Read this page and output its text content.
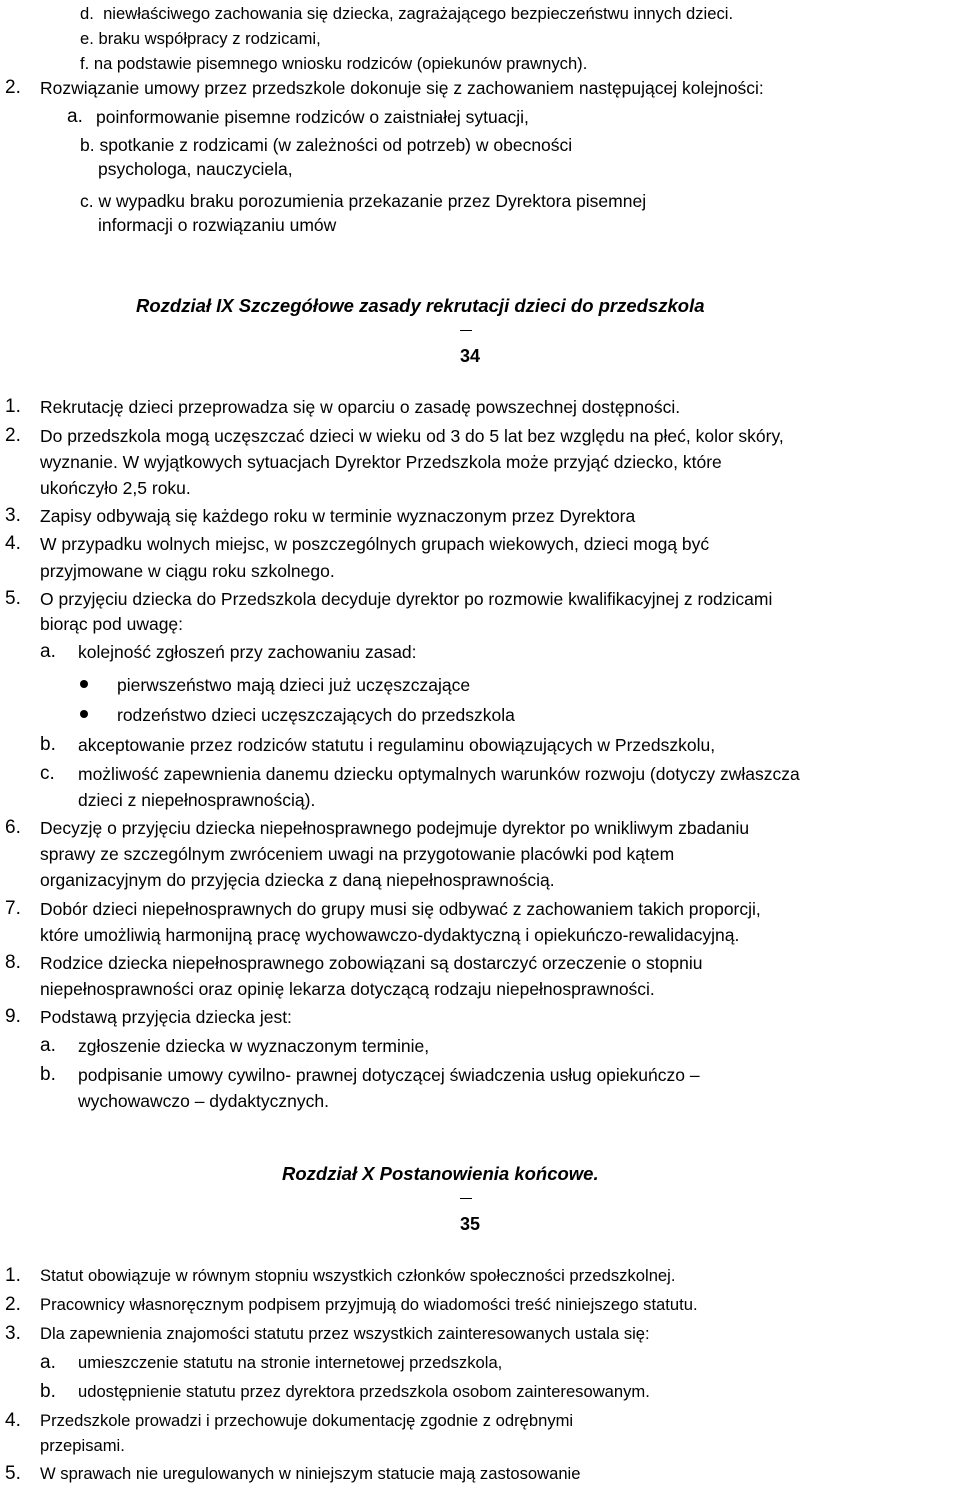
d. niewłaściwego zachowania się dziecka, zagrażającego bezpieczeństwu innych dzieci.
e. braku współpracy z rodzicami,
f. na podstawie pisemnego wniosku rodziców (opiekunów prawnych).
2. Rozwiązanie umowy przez przedszkole dokonuje się z zachowaniem następującej kolejności:
a. poinformowanie pisemne rodziców o zaistniałej sytuacji,
b. spotkanie z rodzicami (w zależności od potrzeb) w obecności
psychologa, nauczyciela,
c. w wypadku braku porozumienia przekazanie przez Dyrektora pisemnej
informacji o rozwiązaniu umów
Rozdział IX Szczegółowe zasady rekrutacji dzieci do przedszkola
34
1. Rekrutację dzieci przeprowadza się w oparciu o zasadę powszechnej dostępności.
2. Do przedszkola mogą uczęszczać dzieci w wieku od 3 do 5 lat bez względu na płeć, kolor skóry,
wyznanie. W wyjątkowych sytuacjach Dyrektor Przedszkola może przyjąć dziecko, które
ukończyło 2,5 roku.
3. Zapisy odbywają się każdego roku w terminie wyznaczonym przez Dyrektora
4. W przypadku wolnych miejsc, w poszczególnych grupach wiekowych, dzieci mogą być
przyjmowane w ciągu roku szkolnego.
5. O przyjęciu dziecka do Przedszkola decyduje dyrektor po rozmowie kwalifikacyjnej z rodzicami
biorąc pod uwagę:
a. kolejność zgłoszeń przy zachowaniu zasad:
pierwszeństwo mają dzieci już uczęszczające
rodzeństwo dzieci uczęszczających do przedszkola
b. akceptowanie przez rodziców statutu i regulaminu obowiązujących w Przedszkolu,
c. możliwość zapewnienia danemu dziecku optymalnych warunków rozwoju (dotyczy zwłaszcza
dzieci z niepełnosprawnością).
6. Decyzję o przyjęciu dziecka niepełnosprawnego podejmuje dyrektor po wnikliwym zbadaniu
sprawy ze szczególnym zwróceniem uwagi na przygotowanie placówki pod kątem
organizacyjnym do przyjęcia dziecka z daną niepełnosprawnością.
7. Dobór dzieci niepełnosprawnych do grupy musi się odbywać z zachowaniem takich proporcji,
które umożliwią harmonijną pracę wychowawczo-dydaktyczną i opiekuńczo-rewalidacyjną.
8. Rodzice dziecka niepełnosprawnego zobowiązani są dostarczyć orzeczenie o stopniu
niepełnosprawności oraz opinię lekarza dotyczącą rodzaju niepełnosprawności.
9. Podstawą przyjęcia dziecka jest:
a. zgłoszenie dziecka w wyznaczonym terminie,
b. podpisanie umowy cywilno- prawnej dotyczącej świadczenia usług opiekuńczo –
wychowawczo – dydaktycznych.
Rozdział X Postanowienia końcowe.
35
1. Statut obowiązuje w równym stopniu wszystkich członków społeczności przedszkolnej.
2. Pracownicy własnoręcznym podpisem przyjmują do wiadomości treść niniejszego statutu.
3. Dla zapewnienia znajomości statutu przez wszystkich zainteresowanych ustala się:
a. umieszczenie statutu na stronie internetowej przedszkola,
b. udostępnienie statutu przez dyrektora przedszkola osobom zainteresowanym.
4. Przedszkole prowadzi i przechowuje dokumentację zgodnie z odrębnymi
przepisami.
5. W sprawach nie uregulowanych w niniejszym statucie mają zastosowanie
